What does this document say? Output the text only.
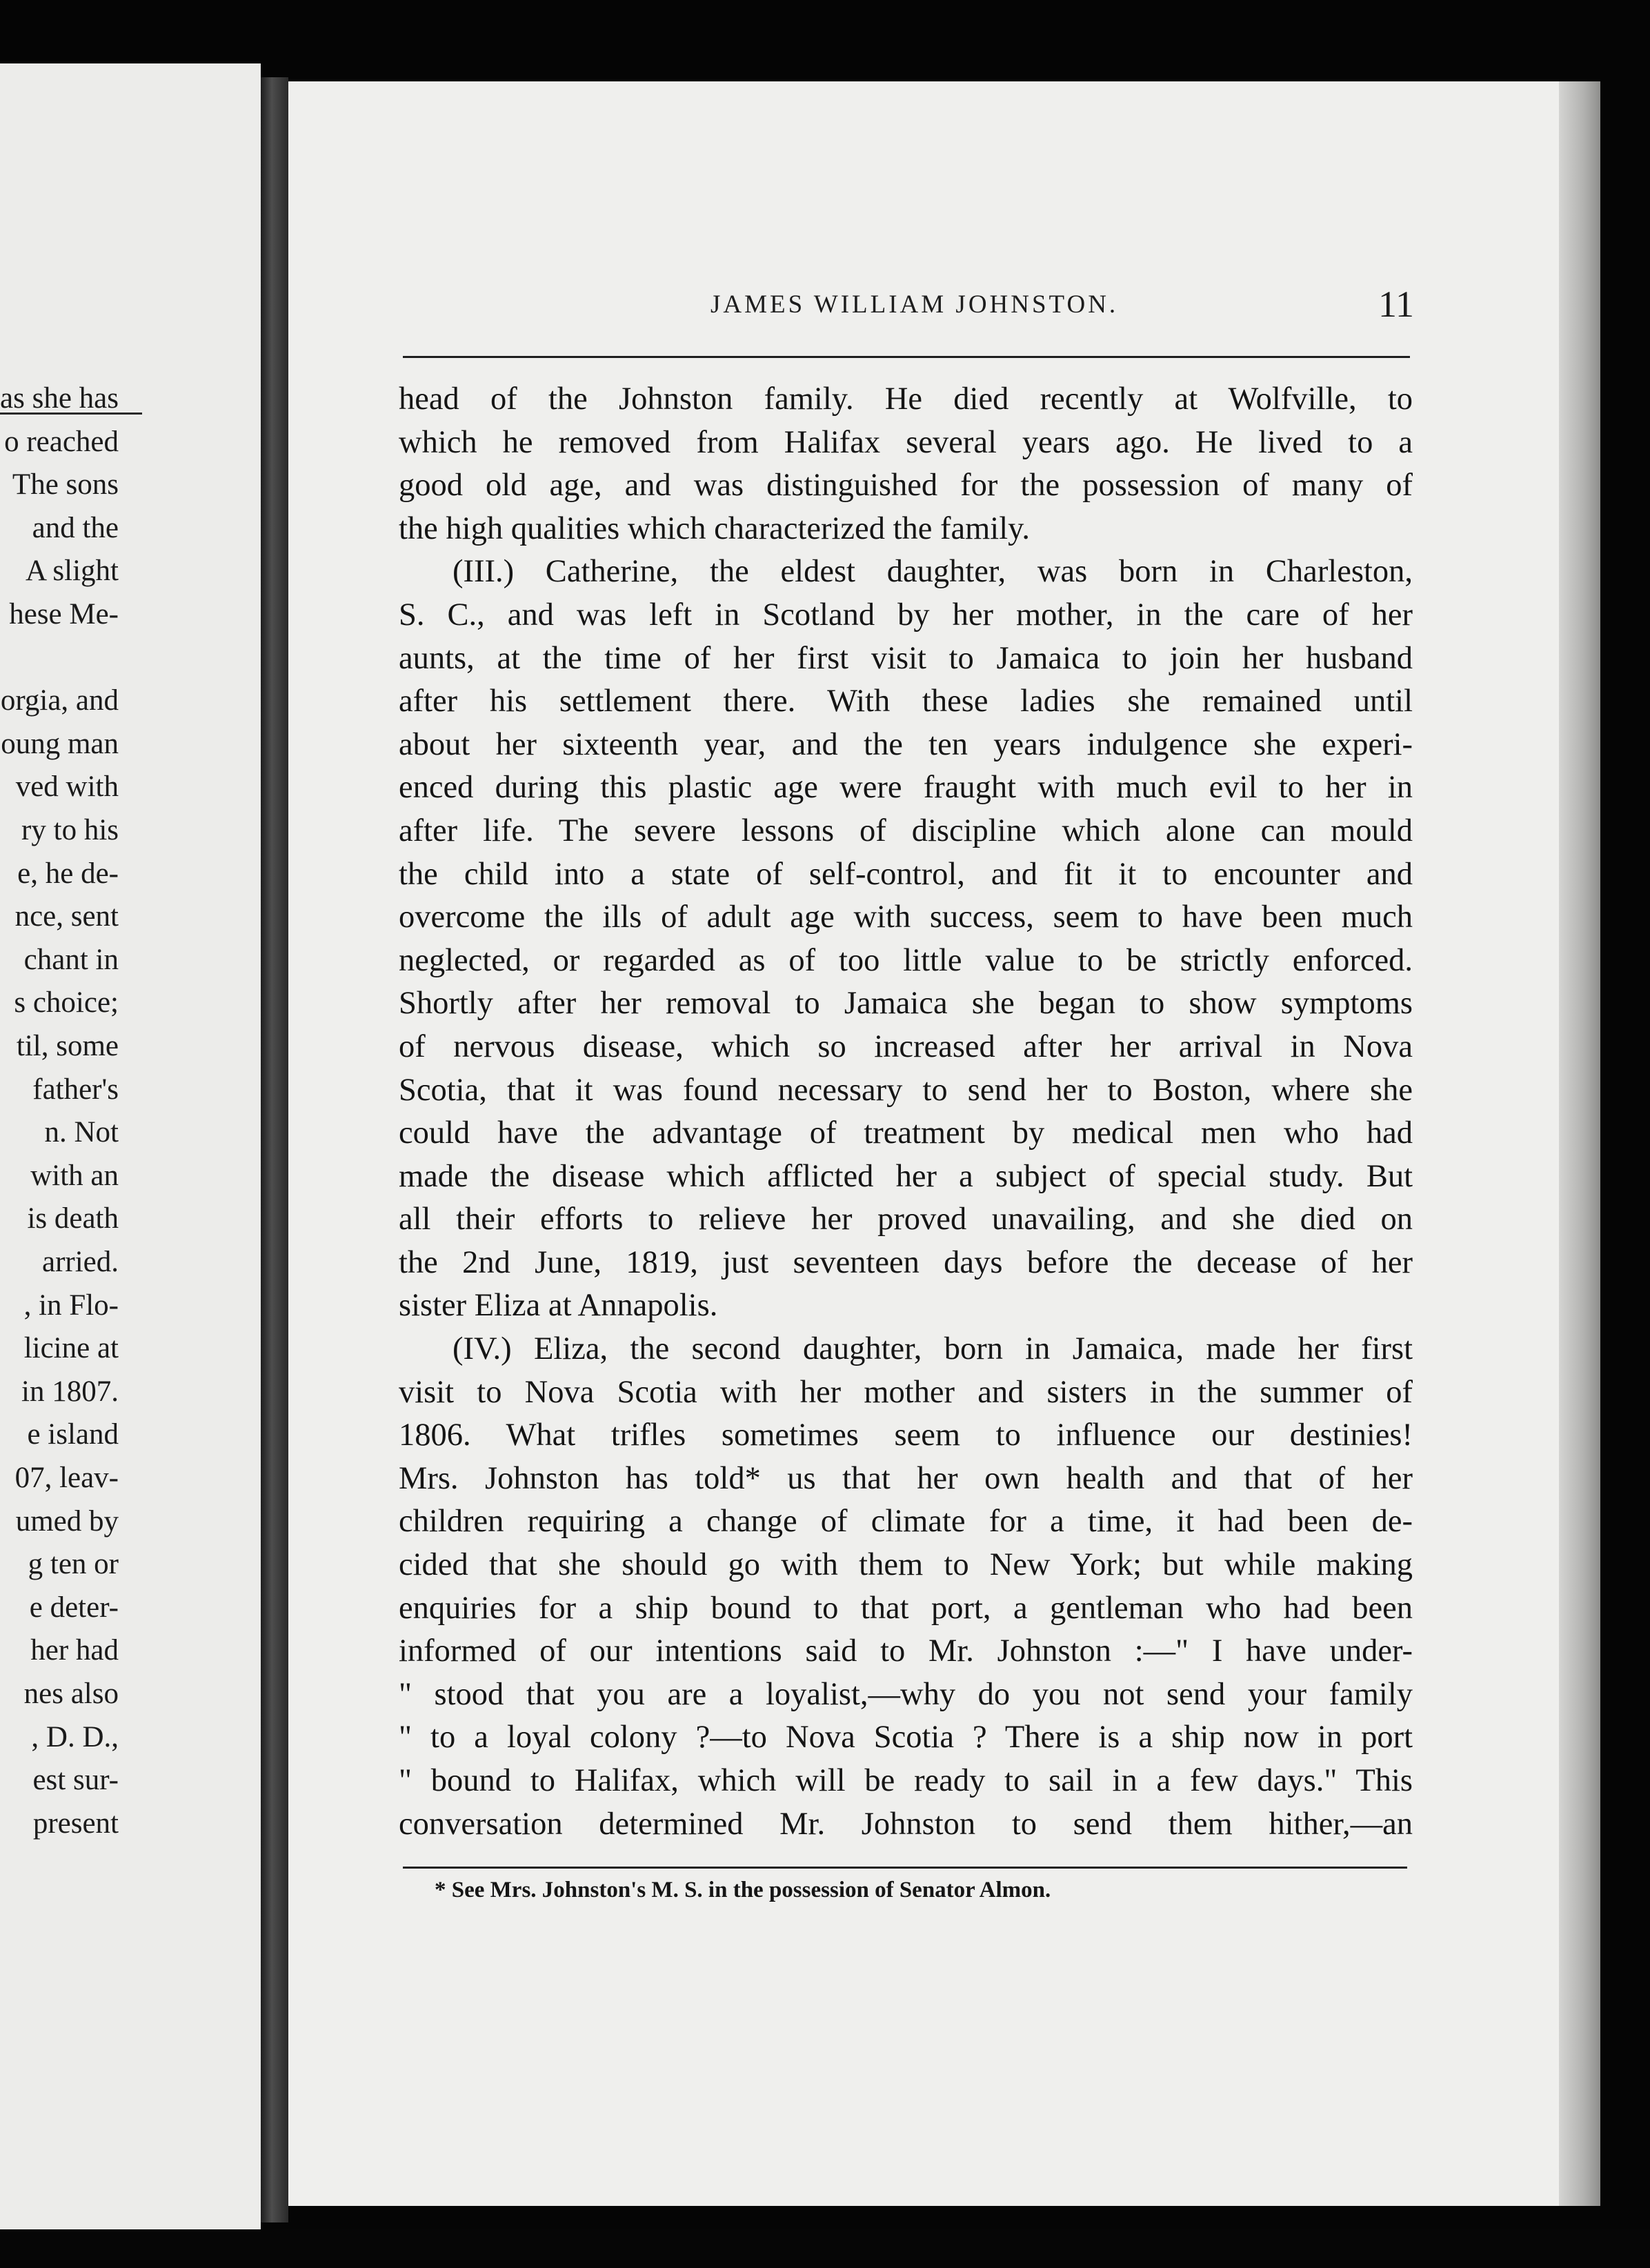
as she has
o reached
The sons
and the
A slight
hese Me-
orgia, and
oung man
ved with
ry to his
e, he de-
nce, sent
chant in
s choice;
til, some
father's
n. Not
with an
is death
arried.
, in Flo-
licine at
in 1807.
e island
07, leav-
umed by
g ten or
e deter-
her had
nes also
, D. D.,
est sur-
present
JAMES WILLIAM JOHNSTON.	11
head of the Johnston family. He died recently at Wolfville, to
which he removed from Halifax several years ago. He lived to a
good old age, and was distinguished for the possession of many of
the high qualities which characterized the family.
(III.) Catherine, the eldest daughter, was born in Charleston,
S. C., and was left in Scotland by her mother, in the care of her
aunts, at the time of her first visit to Jamaica to join her husband
after his settlement there. With these ladies she remained until
about her sixteenth year, and the ten years indulgence she experi-
enced during this plastic age were fraught with much evil to her in
after life. The severe lessons of discipline which alone can mould
the child into a state of self-control, and fit it to encounter and
overcome the ills of adult age with success, seem to have been much
neglected, or regarded as of too little value to be strictly enforced.
Shortly after her removal to Jamaica she began to show symptoms
of nervous disease, which so increased after her arrival in Nova
Scotia, that it was found necessary to send her to Boston, where she
could have the advantage of treatment by medical men who had
made the disease which afflicted her a subject of special study. But
all their efforts to relieve her proved unavailing, and she died on
the 2nd June, 1819, just seventeen days before the decease of her
sister Eliza at Annapolis.
(IV.) Eliza, the second daughter, born in Jamaica, made her first
visit to Nova Scotia with her mother and sisters in the summer of
1806. What trifles sometimes seem to influence our destinies!
Mrs. Johnston has told* us that her own health and that of her
children requiring a change of climate for a time, it had been de-
cided that she should go with them to New York; but while making
enquiries for a ship bound to that port, a gentleman who had been
informed of our intentions said to Mr. Johnston :—" I have under-
" stood that you are a loyalist,—why do you not send your family
" to a loyal colony ?—to Nova Scotia ? There is a ship now in port
" bound to Halifax, which will be ready to sail in a few days." This
conversation determined Mr. Johnston to send them hither,—an
* See Mrs. Johnston's M. S. in the possession of Senator Almon.
